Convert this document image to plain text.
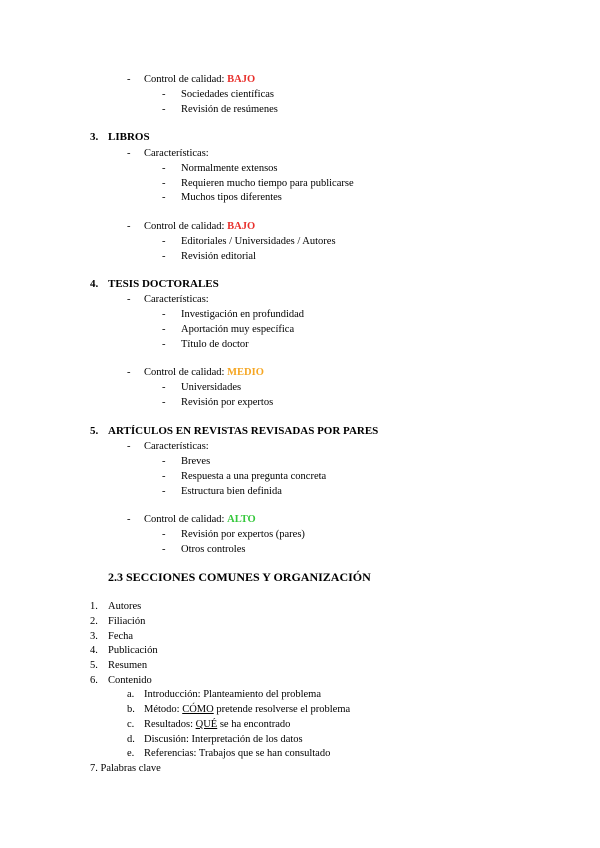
- Control de calidad: BAJO
- Sociedades científicas
- Revisión de resúmenes
3. LIBROS
- Características:
- Normalmente extensos
- Requieren mucho tiempo para publicarse
- Muchos tipos diferentes
- Control de calidad: BAJO
- Editoriales / Universidades / Autores
- Revisión editorial
4. TESIS DOCTORALES
- Características:
- Investigación en profundidad
- Aportación muy específica
- Título de doctor
- Control de calidad: MEDIO
- Universidades
- Revisión por expertos
5. ARTÍCULOS EN REVISTAS REVISADAS POR PARES
- Características:
- Breves
- Respuesta a una pregunta concreta
- Estructura bien definida
- Control de calidad: ALTO
- Revisión por expertos (pares)
- Otros controles
2.3 SECCIONES COMUNES Y ORGANIZACIÓN
1. Autores
2. Filiación
3. Fecha
4. Publicación
5. Resumen
6. Contenido
a. Introducción: Planteamiento del problema
b. Método: CÓMO pretende resolverse el problema
c. Resultados: QUÉ se ha encontrado
d. Discusión: Interpretación de los datos
e. Referencias: Trabajos que se han consultado
7. Palabras clave
